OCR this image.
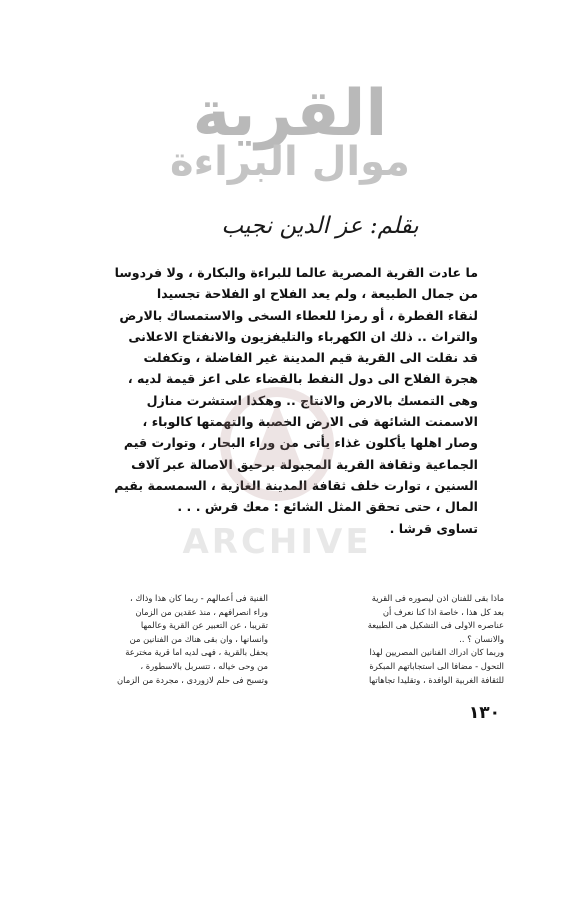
القرية
موال البراءة
بقلم: عز الدين نجيب
ما عادت القرية المصرية عالما للبراءة والبكارة ، ولا فردوسا
من جمال الطبيعة ، ولم يعد الفلاح او الفلاحة تجسيدا
لنقاء الفطرة ، أو رمزا للعطاء السخى والاستمساك بالارض
والتراث .. ذلك ان الكهرباء والتليفزيون والانفتاح الاعلانى
قد نقلت الى القرية قيم المدينة غير الفاضلة ، وتكفلت
هجرة الفلاح الى دول النفط بالقضاء على اعز قيمة لديه ،
وهى التمسك بالارض والانتاج .. وهكذا استشرت منازل
الاسمنت الشائهة فى الارض الخصبة والتهمتها كالوباء ،
وصار اهلها يأكلون غذاء يأتى من وراء البحار ، وتوارت قيم
الجماعية وثقافة القرية المجبولة برحيق الاصالة عبر آلاف
السنين ، توارت خلف ثقافة المدينة الغازية ، السمسمة بقيم
المال ، حتى تحقق المثل الشائع : معك قرش . . .
تساوى قرشا .
ARCHIVE
ماذا بقى للفنان اذن ليصوره فى القرية
بعد كل هذا ، خاصة اذا كنا نعرف أن
عناصره الاولى فى التشكيل هى الطبيعة
والانسان ؟ ..
وربما كان ادراك الفنانين المصريين لهذا
التحول - مضافا الى استجاباتهم المبكرة
للثقافة الغربية الوافدة ، وتقليدا تجاهاتها
الفنية فى أعمالهم - ربما كان هذا وذاك ،
وراء انصرافهم ، منذ عقدين من الزمان
تقريبا ، عن التعبير عن القرية وعالمها
وانسانها ، وان بقى هناك من الفنانين من
يحفل بالقرية ، فهى لديه اما قرية مخترعة
من وحى خياله ، تتسربل بالاسطورة ،
وتسبح فى حلم لازوردى ، مجردة من الزمان
١٣٠
